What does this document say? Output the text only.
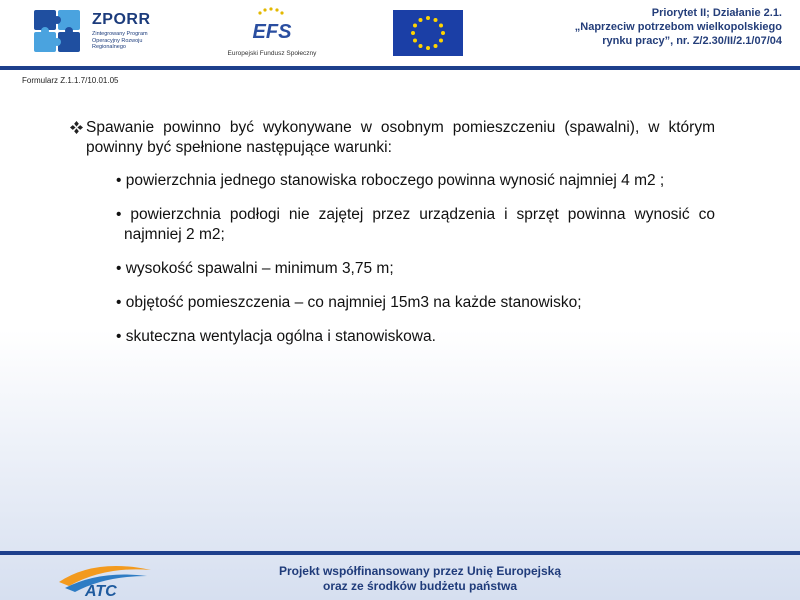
ZPORR
Zintegrowany Program Operacyjny Rozwoju Regionalnego
EFS
Europejski Fundusz Społeczny
Priorytet II; Działanie 2.1.
„Naprzeciw potrzebom wielkopolskiego
rynku pracy”, nr. Z/2.30/II/2.1/07/04
Formularz Z.1.1.7/10.01.05
Spawanie powinno być wykonywane w osobnym pomieszczeniu (spawalni), w którym powinny być spełnione następujące warunki:
• powierzchnia jednego stanowiska roboczego powinna wynosić najmniej 4 m2 ;
• powierzchnia podłogi nie zajętej przez urządzenia i sprzęt powinna wynosić co najmniej 2 m2;
• wysokość spawalni – minimum 3,75 m;
• objętość pomieszczenia – co najmniej 15m3 na każde stanowisko;
• skuteczna wentylacja ogólna i stanowiskowa.
ATC
Projekt współfinansowany przez Unię Europejską
oraz ze środków budżetu państwa
